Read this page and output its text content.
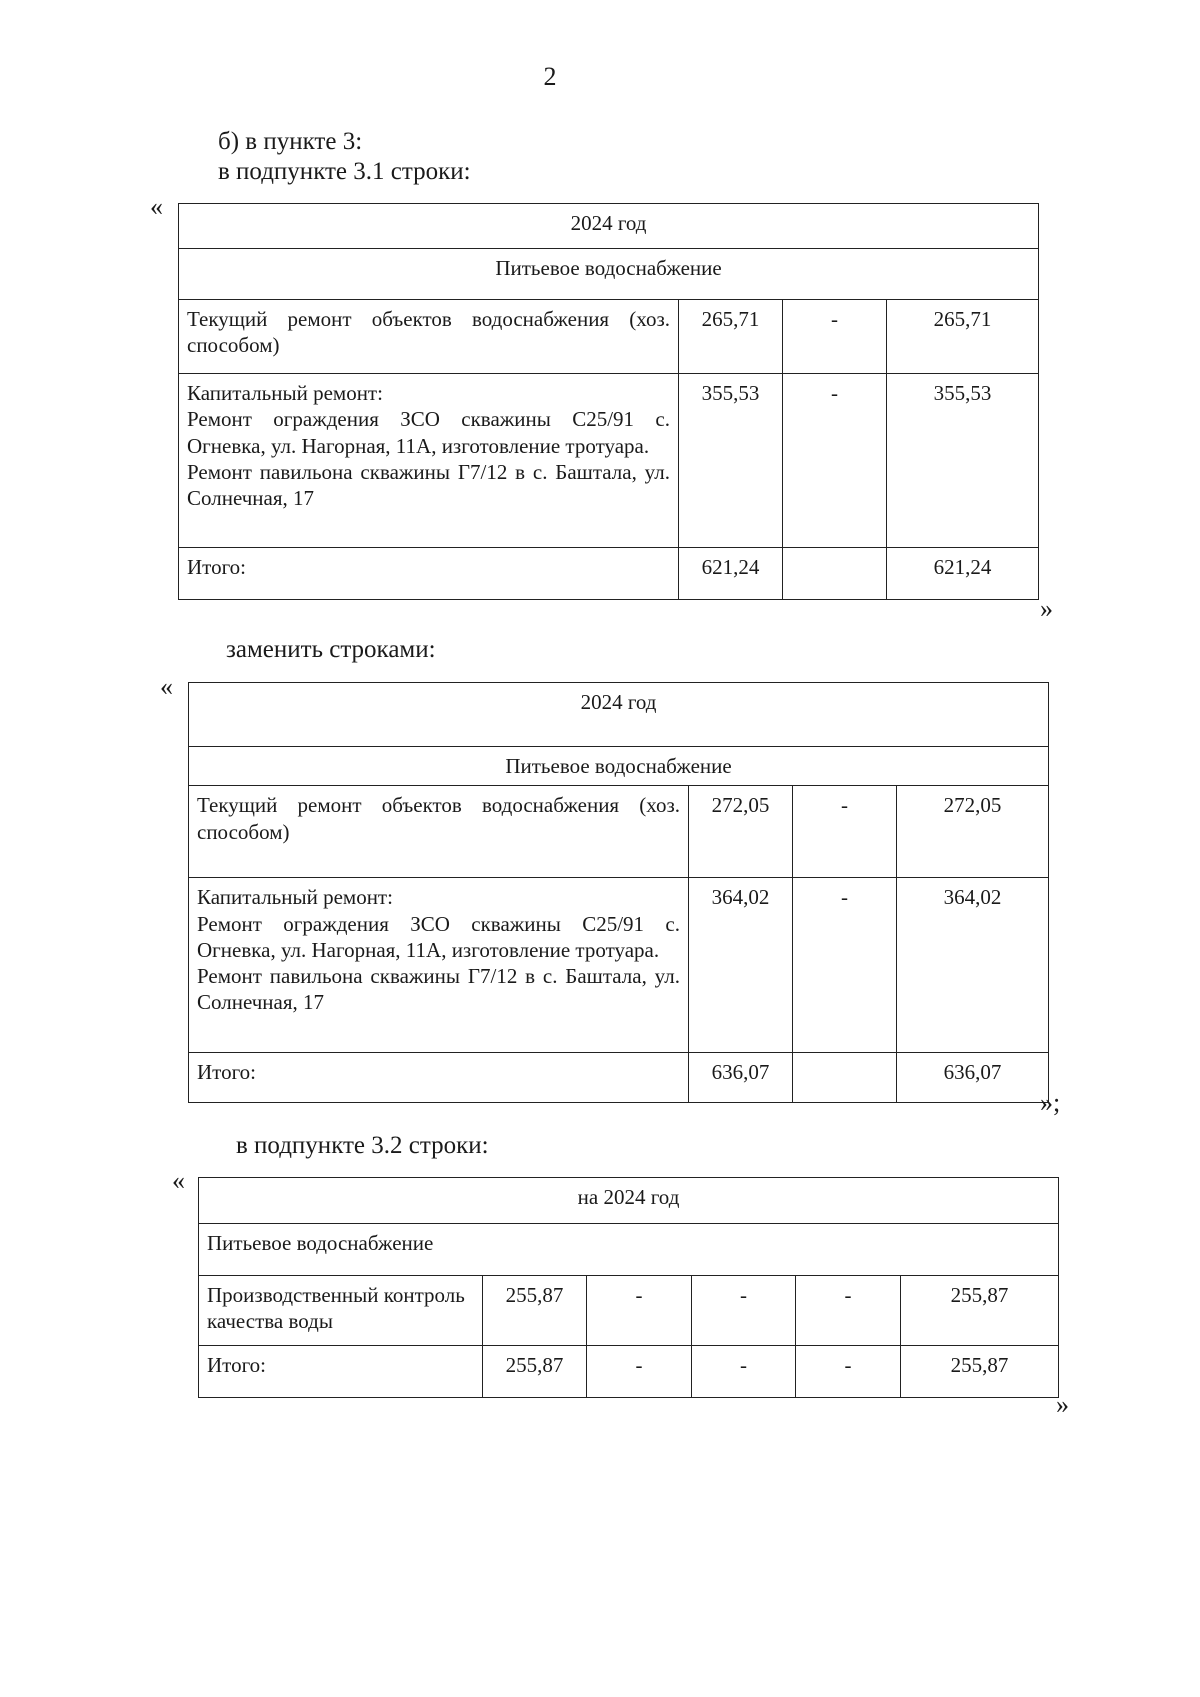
2
б) в пункте 3:
в подпункте 3.1 строки:
«
2024 год			
Питьевое водоснабжение			
Текущий ремонт объектов водоснабжения (хоз. способом)	265,71	-	265,71

Капитальный ремонт:
Ремонт ограждения ЗСО скважины С25/91 с. Огневка, ул. Нагорная, 11А, изготовление тротуара.
Ремонт павильона скважины Г7/12 в с. Баштала, ул. Солнечная, 17	355,53	-	355,53
Итого:	621,24		621,24
»
заменить строками:
«
2024 год			
Питьевое водоснабжение			
Текущий ремонт объектов водоснабжения (хоз. способом)	272,05	-	272,05

Капитальный ремонт:
Ремонт ограждения ЗСО скважины С25/91 с. Огневка, ул. Нагорная, 11А, изготовление тротуара.
Ремонт павильона скважины Г7/12 в с. Баштала, ул. Солнечная, 17	364,02	-	364,02
Итого:	636,07		636,07
»;
в подпункте 3.2 строки:
«
на 2024 год					
Питьевое водоснабжение					
Производственный контроль качества воды	255,87	-	-	-	255,87
Итого:	255,87	-	-	-	255,87
»
